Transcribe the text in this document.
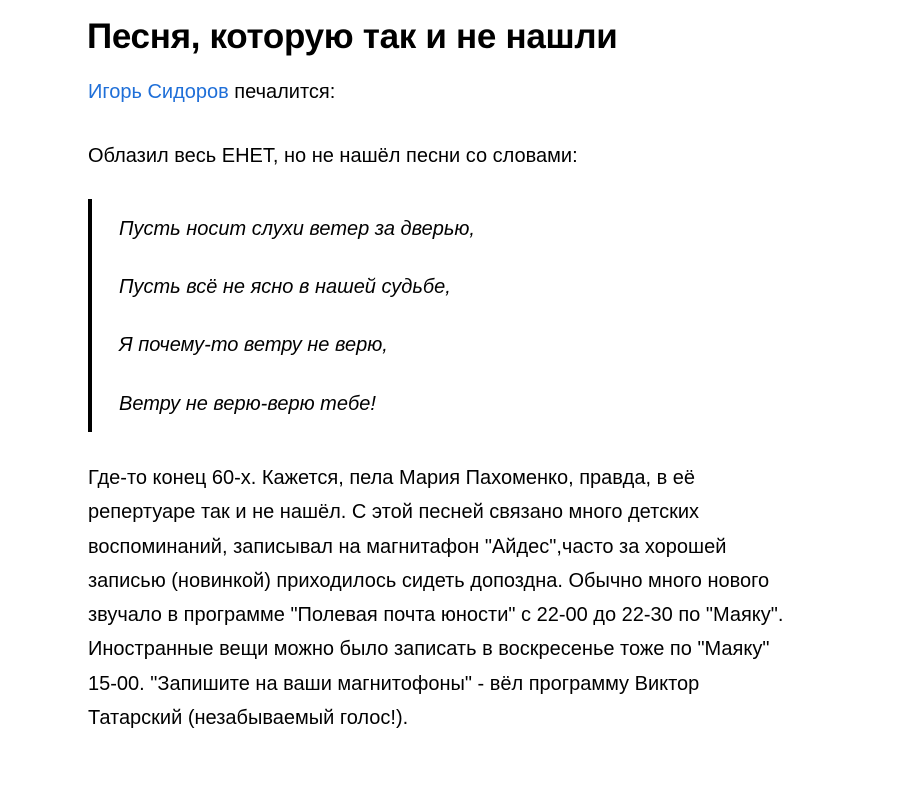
Песня, которую так и не нашли

Игорь Сидоров печалится:

Облазил весь ЕНЕТ, но не нашёл песни со словами:

Пусть носит слухи ветер за дверью,

Пусть всё не ясно в нашей судьбе,

Я почему-то ветру не верю,

Ветру не верю-верю тебе!

Где-то конец 60-х. Кажется, пела Мария Пахоменко, правда, в её
репертуаре так и не нашёл. С этой песней связано много детских
воспоминаний, записывал на магнитафон "Айдес",часто за хорошей
записью (новинкой) приходилось сидеть допоздна. Обычно много нового
звучало в программе "Полевая почта юности" с 22-00 до 22-30 по "Маяку".
Иностранные вещи можно было записать в воскресенье тоже по "Маяку"
15-00. "Запишите на ваши магнитофоны" - вёл программу Виктор
Татарский (незабываемый голос!).
